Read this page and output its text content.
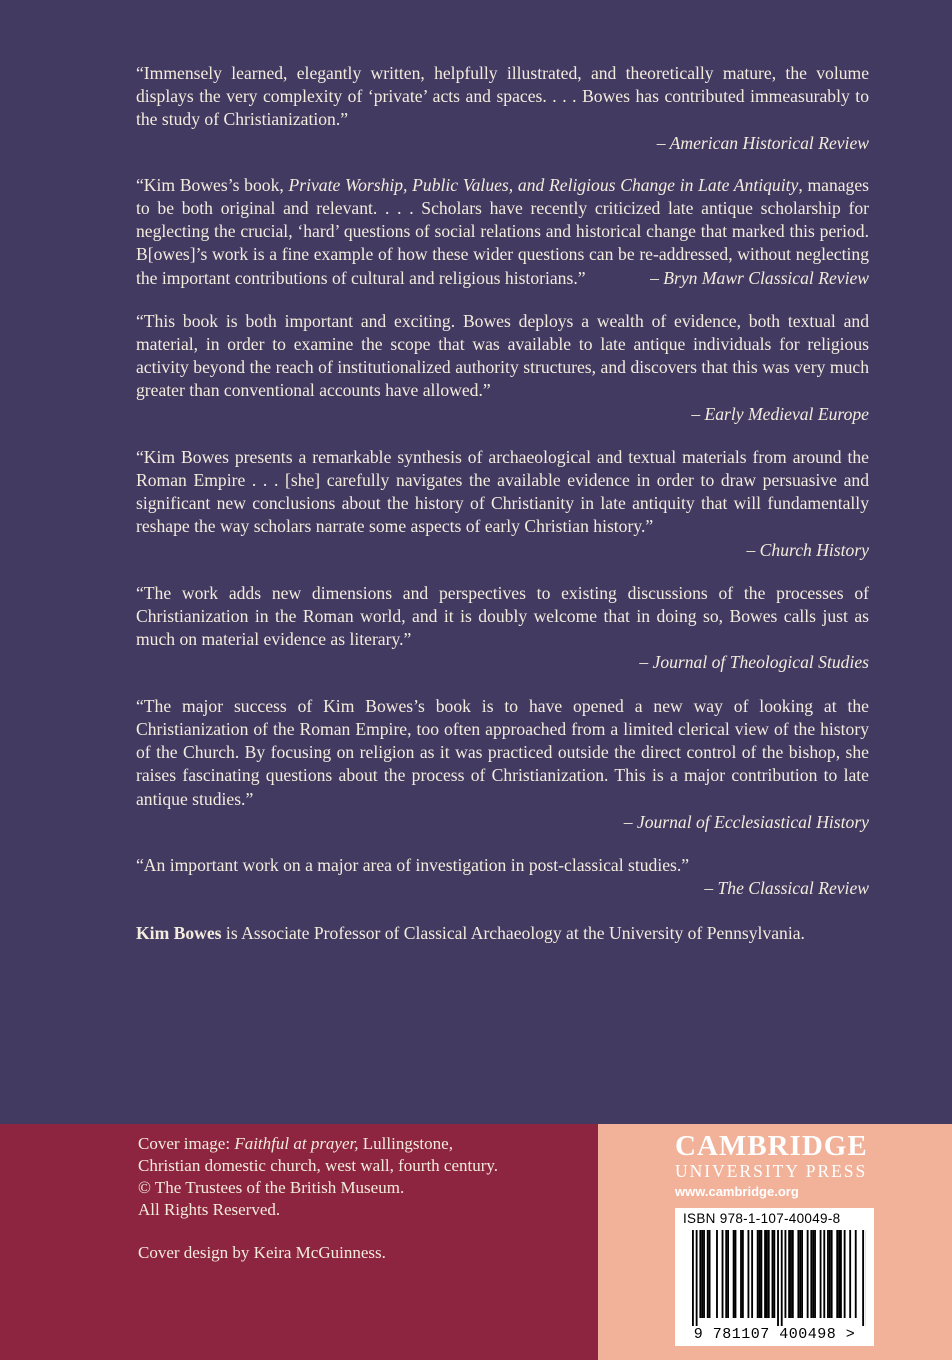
“Immensely learned, elegantly written, helpfully illustrated, and theoretically mature, the volume displays the very complexity of ‘private’ acts and spaces. . . . Bowes has contributed immeasurably to the study of Christianization.”
– American Historical Review

“Kim Bowes’s book, Private Worship, Public Values, and Religious Change in Late Antiquity, manages to be both original and relevant. . . . Scholars have recently criticized late antique scholarship for neglecting the crucial, ‘hard’ questions of social relations and historical change that marked this period. B[owes]’s work is a fine example of how these wider questions can be re-addressed, without neglecting the important contributions of cultural and religious historians.”	– Bryn Mawr Classical Review

“This book is both important and exciting. Bowes deploys a wealth of evidence, both textual and material, in order to examine the scope that was available to late antique individuals for religious activity beyond the reach of institutionalized authority structures, and discovers that this was very much greater than conventional accounts have allowed.”
– Early Medieval Europe

“Kim Bowes presents a remarkable synthesis of archaeological and textual materials from around the Roman Empire . . . [she] carefully navigates the available evidence in order to draw persuasive and significant new conclusions about the history of Christianity in late antiquity that will fundamentally reshape the way scholars narrate some aspects of early Christian history.”
– Church History

“The work adds new dimensions and perspectives to existing discussions of the processes of Christianization in the Roman world, and it is doubly welcome that in doing so, Bowes calls just as much on material evidence as literary.”
– Journal of Theological Studies

“The major success of Kim Bowes’s book is to have opened a new way of looking at the Christianization of the Roman Empire, too often approached from a limited clerical view of the history of the Church. By focusing on religion as it was practiced outside the direct control of the bishop, she raises fascinating questions about the process of Christianization. This is a major contribution to late antique studies.”
– Journal of Ecclesiastical History

“An important work on a major area of investigation in post-classical studies.”
– The Classical Review

Kim Bowes is Associate Professor of Classical Archaeology at the University of Pennsylvania.

Cover image: Faithful at prayer, Lullingstone,

Christian domestic church, west wall, fourth century.

© The Trustees of the British Museum.

All Rights Reserved.

Cover design by Keira McGuinness.
CAMBRIDGE
UNIVERSITY PRESS
www.cambridge.org
ISBN 978-1-107-40049-8
9 781107 400498 >
